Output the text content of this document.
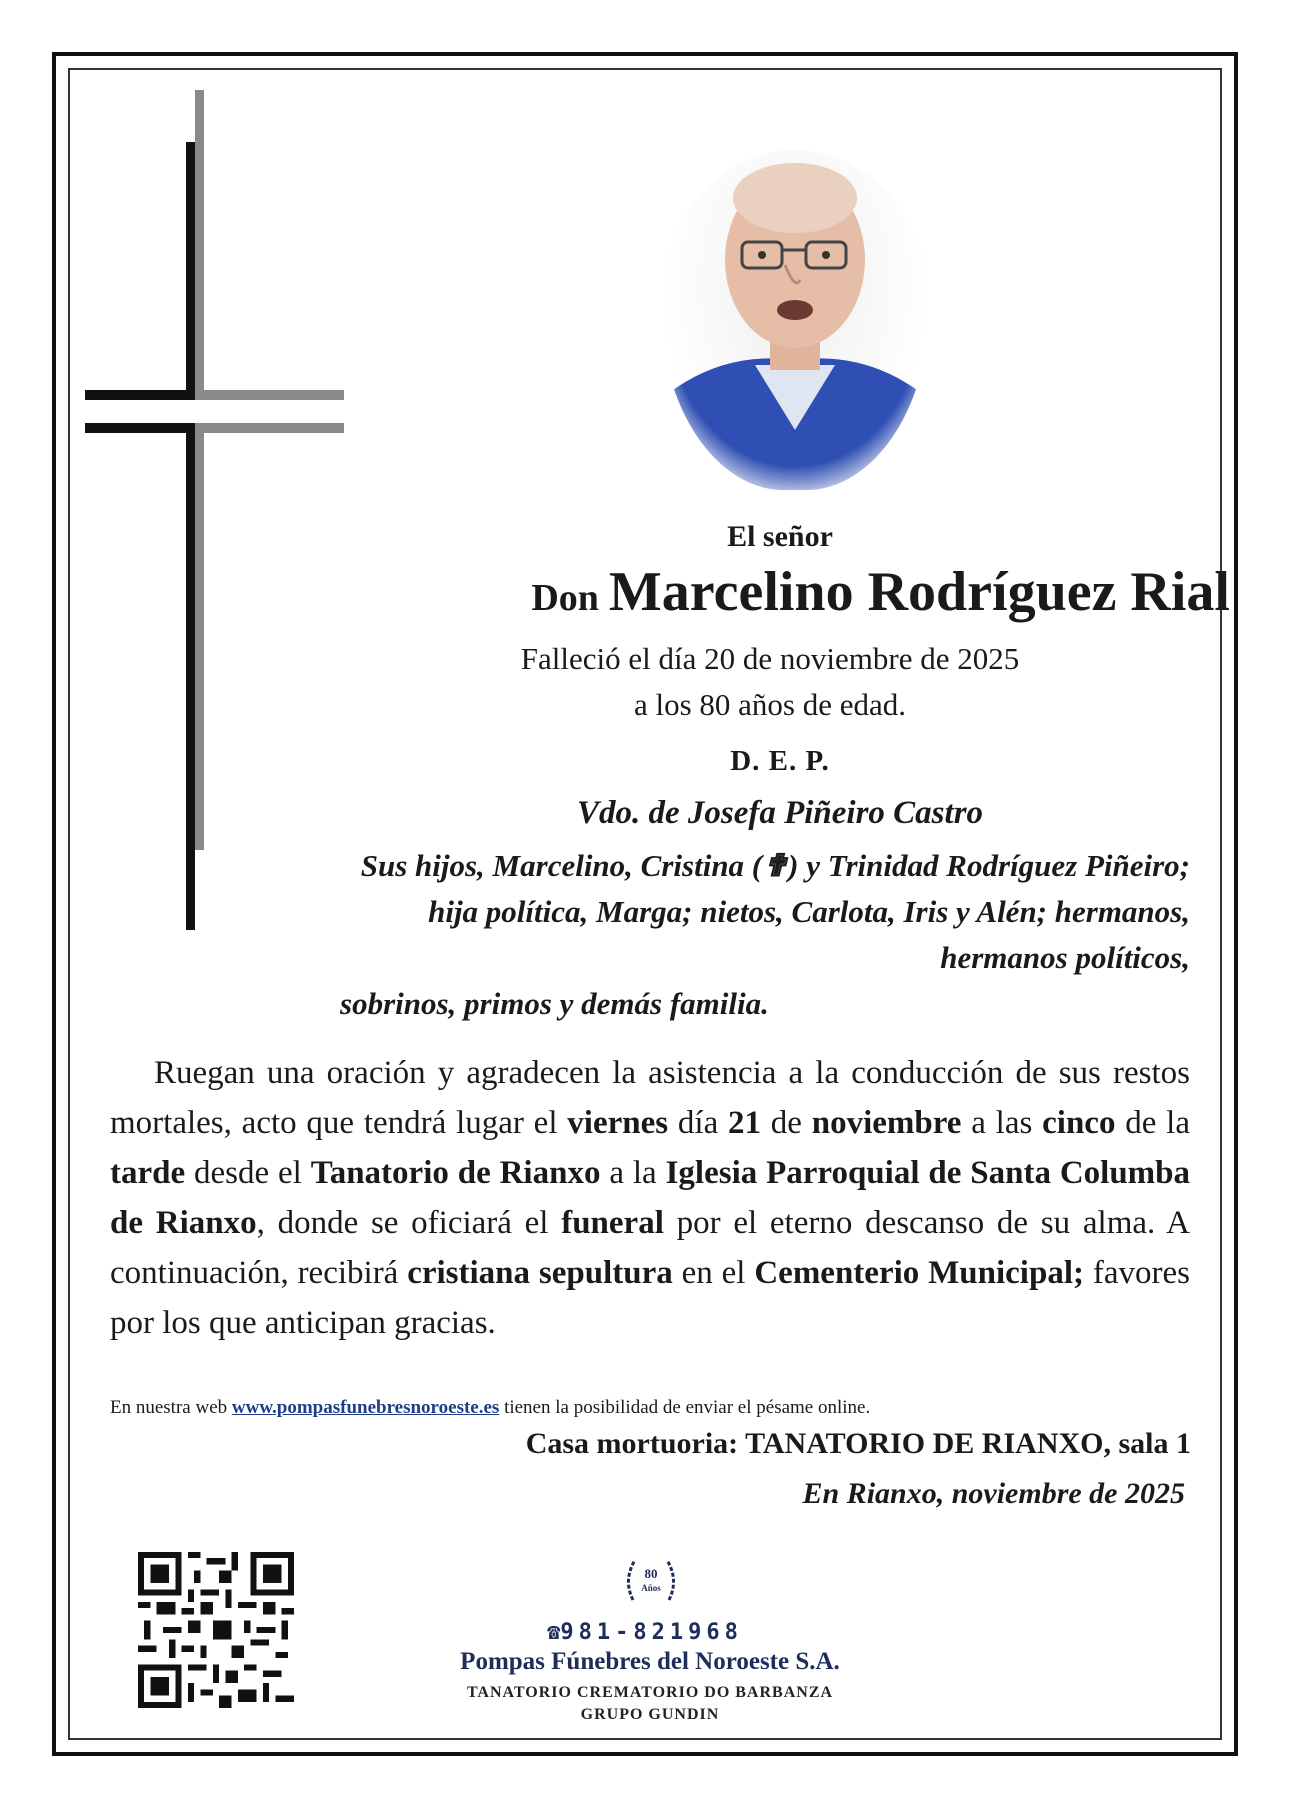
El señor
Don Marcelino Rodríguez Rial
Falleció el día 20 de noviembre de 2025
a los 80 años de edad.
D. E. P.
Vdo. de Josefa Piñeiro Castro
Sus hijos, Marcelino, Cristina (✟) y Trinidad Rodríguez Piñeiro; hija política, Marga; nietos, Carlota, Iris y Alén; hermanos, hermanos políticos,
sobrinos, primos y demás familia.
Ruegan una oración y agradecen la asistencia a la conducción de sus restos mortales, acto que tendrá lugar el viernes día 21 de noviembre a las cinco de la tarde desde el Tanatorio de Rianxo a la Iglesia Parroquial de Santa Columba de Rianxo, donde se oficiará el funeral por el eterno descanso de su alma. A continuación, recibirá cristiana sepultura en el Cementerio Municipal; favores por los que anticipan gracias.
En nuestra web www.pompasfunebresnoroeste.es tienen la posibilidad de enviar el pésame online.
Casa mortuoria: TANATORIO DE RIANXO, sala 1
En Rianxo, noviembre de 2025
80
Años
☎981-821968
Pompas Fúnebres del Noroeste S.A.
TANATORIO CREMATORIO DO BARBANZA
GRUPO GUNDIN
